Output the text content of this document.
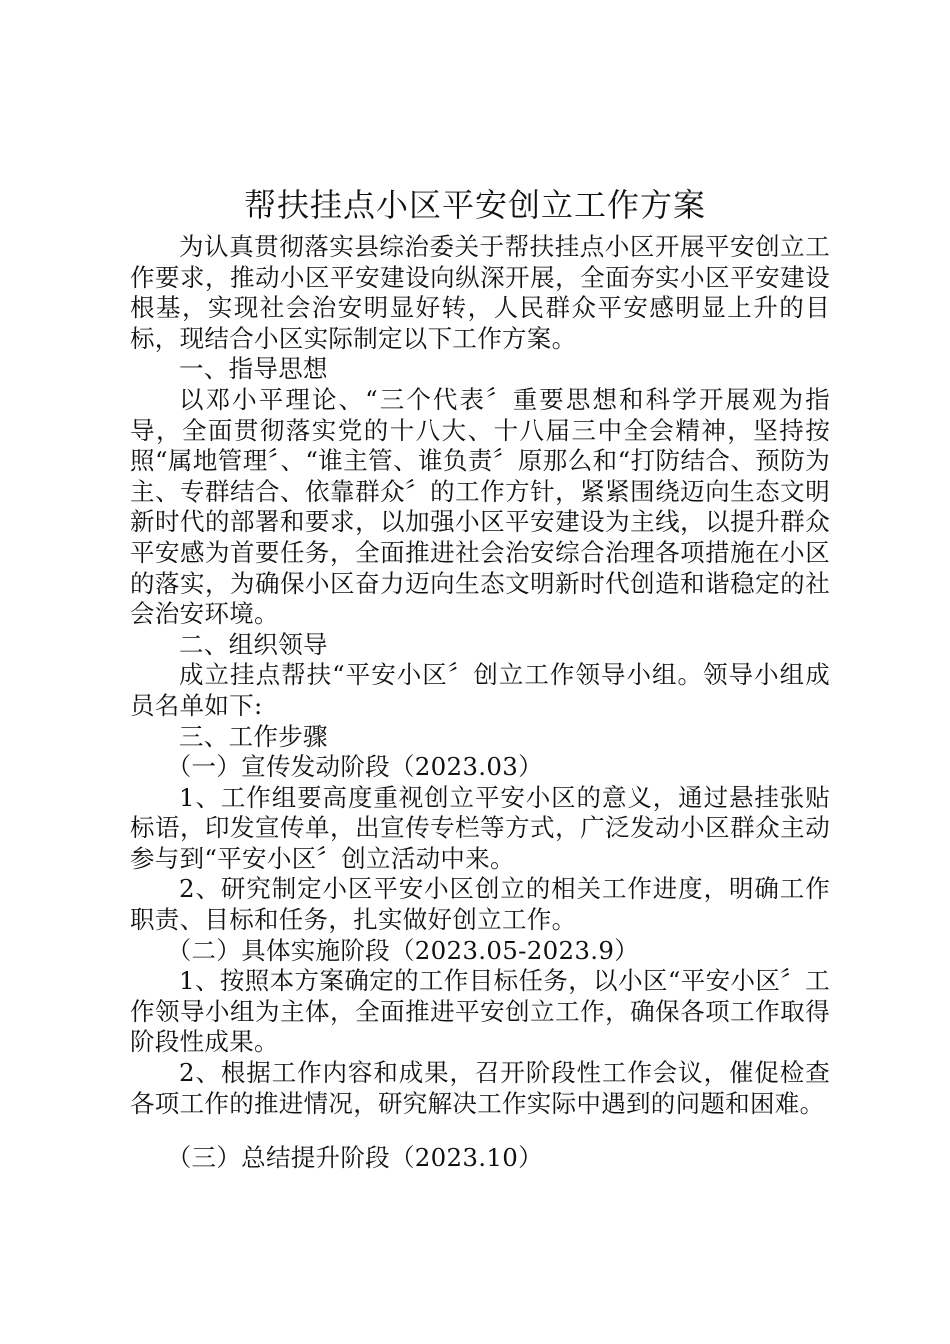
帮扶挂点小区平安创立工作方案

为认真贯彻落实县综治委关于帮扶挂点小区开展平安创立工作要求，推动小区平安建设向纵深开展，全面夯实小区平安建设根基，实现社会治安明显好转，人民群众平安感明显上升的目标，现结合小区实际制定以下工作方案。

一、指导思想

以邓小平理论、“三个代表〞重要思想和科学开展观为指导，全面贯彻落实党的十八大、十八届三中全会精神，坚持按照“属地管理〞、“谁主管、谁负责〞原那么和“打防结合、预防为主、专群结合、依靠群众〞的工作方针，紧紧围绕迈向生态文明新时代的部署和要求，以加强小区平安建设为主线，以提升群众平安感为首要任务，全面推进社会治安综合治理各项措施在小区的落实，为确保小区奋力迈向生态文明新时代创造和谐稳定的社会治安环境。

二、组织领导

成立挂点帮扶“平安小区〞创立工作领导小组。领导小组成员名单如下:

三、工作步骤

（一）宣传发动阶段（2023.03）

1、工作组要高度重视创立平安小区的意义，通过悬挂张贴标语，印发宣传单，出宣传专栏等方式，广泛发动小区群众主动参与到“平安小区〞创立活动中来。

2、研究制定小区平安小区创立的相关工作进度，明确工作职责、目标和任务，扎实做好创立工作。

（二）具体实施阶段（2023.05-2023.9）

1、按照本方案确定的工作目标任务，以小区“平安小区〞工作领导小组为主体，全面推进平安创立工作，确保各项工作取得阶段性成果。

2、根据工作内容和成果，召开阶段性工作会议，催促检查各项工作的推进情况，研究解决工作实际中遇到的问题和困难。

（三）总结提升阶段（2023.10）
